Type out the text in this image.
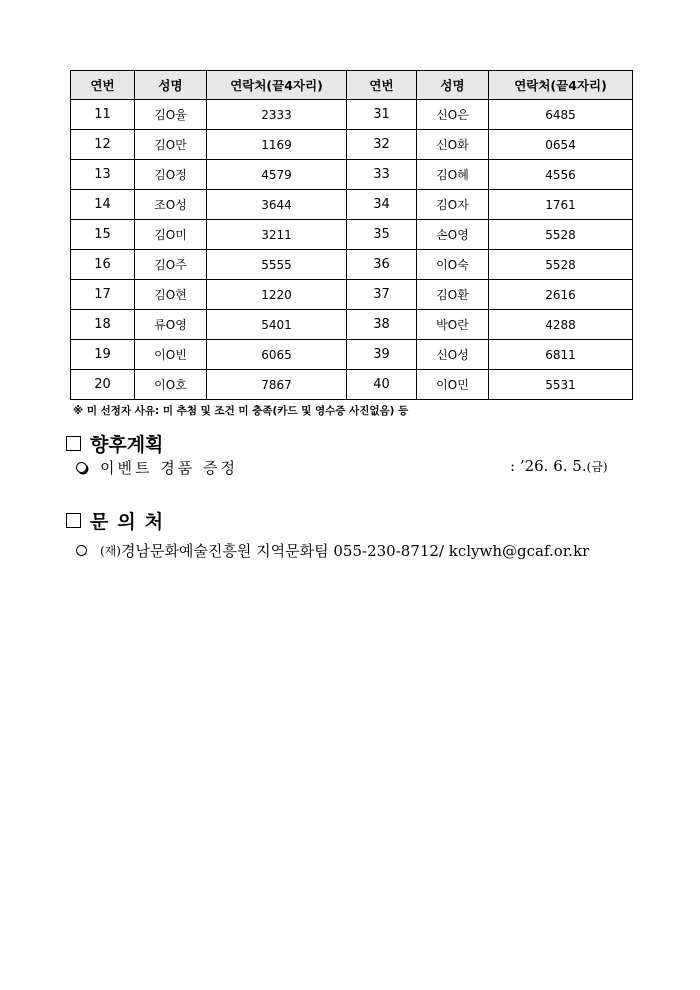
연번	성명	연락처(끝4자리)	연번	성명	연락처(끝4자리)
11	김O율	2333	31	신O은	6485
12	김O만	1169	32	신O화	0654
13	김O정	4579	33	김O혜	4556
14	조O성	3644	34	김O자	1761
15	김O미	3211	35	손O영	5528
16	김O주	5555	36	이O숙	5528
17	김O현	1220	37	김O환	2616
18	류O영	5401	38	박O란	4288
19	이O빈	6065	39	신O성	6811
20	이O호	7867	40	이O민	5531
※ 미 선정자 사유: 미 추첨 및 조건 미 충족(카드 및 영수증 사진없음) 등
향후계획
이벤트 경품 증정	: ’26. 6. 5.(금)
문의처
(재) 경남문화예술진흥원 지역문화팀 055-230-8712/ kclywh@gcaf.or.kr
